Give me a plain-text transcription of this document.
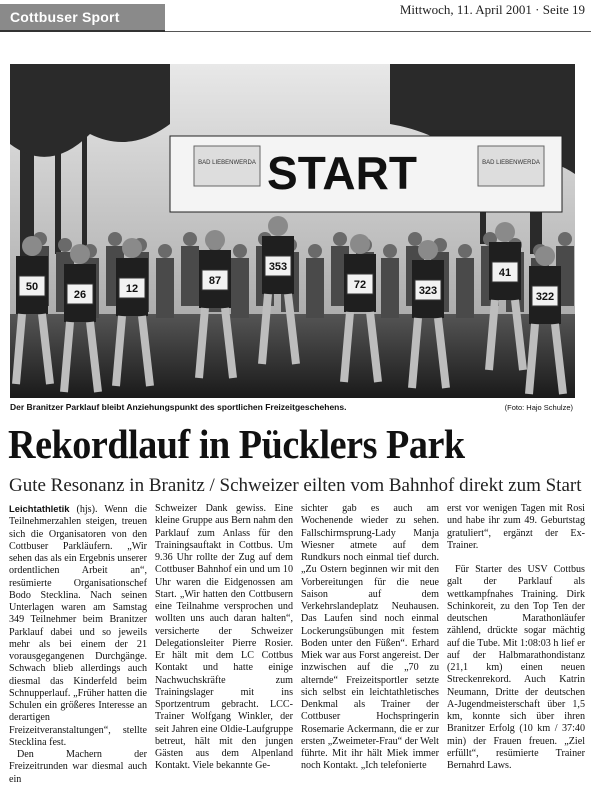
Cottbuser Sport	Mittwoch, 11. April 2001 · Seite 19
START
BAD LIEBENWERDA	BAD LIEBENWERDA
50
26	12
87
353
72	323
41
322
Der Branitzer Parklauf bleibt Anziehungspunkt des sportlichen Freizeitgeschehens.	(Foto: Hajo Schulze)
Rekordlauf in Pücklers Park
Gute Resonanz in Branitz / Schweizer eilten vom Bahnhof direkt zum Start

Leichtathletik (hjs). Wenn die Teilnehmerzahlen steigen, treuen sich die Organisatoren von den Cottbuser Parkläufern. „Wir sehen das als ein Ergebnis unserer ordentlichen Arbeit an“, resümierte Organisationschef Bodo Stecklina. Nach seinen Unterlagen waren am Samstag 349 Teilnehmer beim Branitzer Parklauf dabei und so jeweils mehr als bei einem der 21 vorausgegangenen Durchgänge. Schwach blieb allerdings auch diesmal das Kinderfeld beim Schnupperlauf. „Früher hatten die Schulen ein größeres Interesse an derartigen Freizeitveranstaltungen“, stellte Stecklina fest.

Den Machern der Freizeitrunden war diesmal auch ein

Schweizer Dank gewiss. Eine kleine Gruppe aus Bern nahm den Parklauf zum Anlass für den Trainingsauftakt in Cottbus. Um 9.36 Uhr rollte der Zug auf dem Cottbuser Bahnhof ein und um 10 Uhr waren die Eidgenossen am Start. „Wir hatten den Cottbusern eine Teilnahme versprochen und wollten uns auch daran halten“, versicherte der Schweizer Delegationsleiter Pierre Rosier. Er hält mit dem LC Cottbus Kontakt und hatte einige Nachwuchskräfte zum Trainingslager mit ins Sportzentrum gebracht. LCC-Trainer Wolfgang Winkler, der seit Jahren eine Oldie-Laufgruppe betreut, hält mit den jungen Gästen aus dem Alpenland Kontakt. Viele bekannte Ge-

sichter gab es auch am Wochenende wieder zu sehen. Fallschirmsprung-Lady Manja Wiesner atmete auf dem Rundkurs noch einmal tief durch. „Zu Ostern beginnen wir mit den Vorbereitungen für die neue Saison auf dem Verkehrslandeplatz Neuhausen. Das Laufen sind noch einmal Lockerungsübungen mit festem Boden unter den Füßen“. Erhard Miek war aus Forst angereist. Der inzwischen auf die „70 zu alternde“ Freizeitsportler setzte sich selbst ein leichtathletisches Denkmal als Trainer der Cottbuser Hochspringerin Rosemarie Ackermann, die er zur ersten „Zweimeter-Frau“ der Welt führte. Mit ihr hält Miek immer noch Kontakt. „Ich telefonierte

erst vor wenigen Tagen mit Rosi und habe ihr zum 49. Geburtstag gratuliert“, ergänzt der Ex-Trainer.

Für Starter des USV Cottbus galt der Parklauf als wettkampfnahes Training. Dirk Schinkoreit, zu den Top Ten der deutschen Marathonläufer zählend, drückte sogar mächtig auf die Tube. Mit 1:08:03 h lief er auf der Halbmarathondistanz (21,1 km) einen neuen Streckenrekord. Auch Katrin Neumann, Dritte der deutschen A-Jugendmeisterschaft über 1,5 km, konnte sich über ihren Branitzer Erfolg (10 km / 37:40 min) der Frauen freuen. „Ziel erfüllt“, resümierte Trainer Bernahrd Laws.
